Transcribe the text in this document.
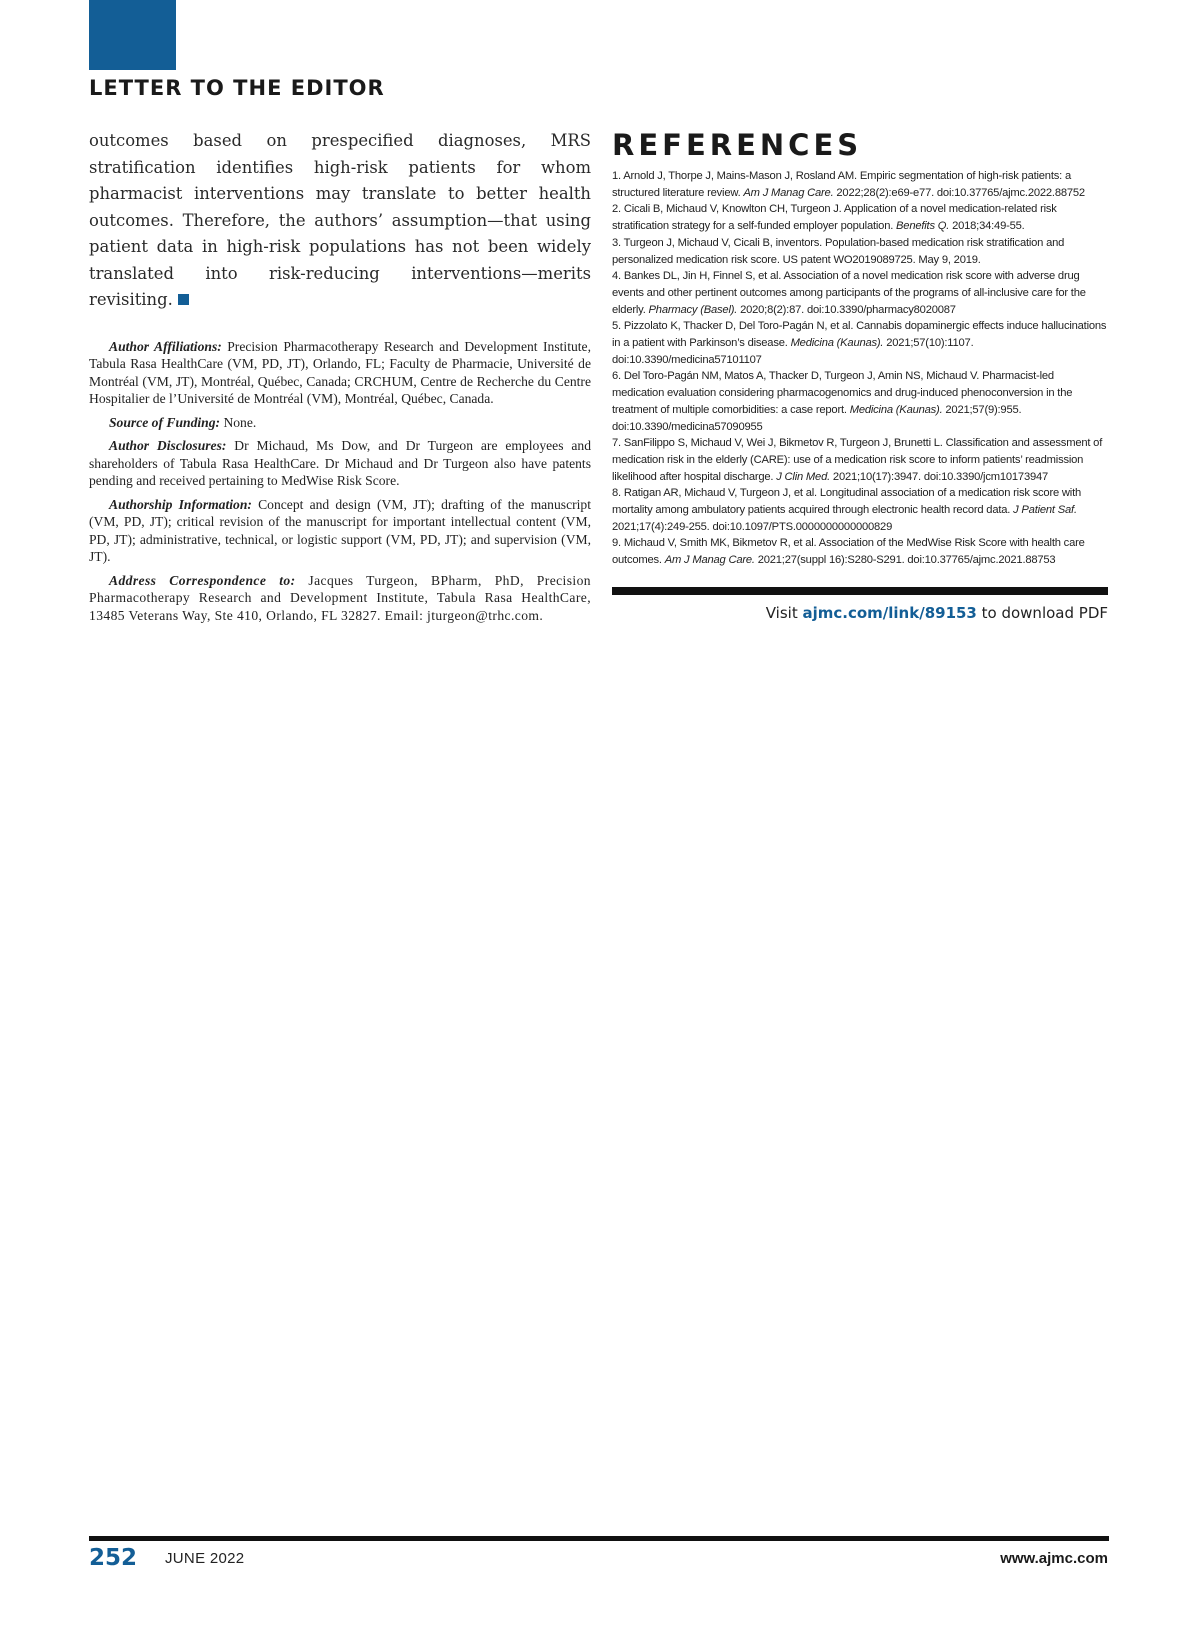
LETTER TO THE EDITOR

outcomes based on prespecified diagnoses, MRS stratification identifies high-risk patients for whom pharmacist interventions may translate to better health outcomes. Therefore, the authors’ assumption—that using patient data in high-risk populations has not been widely translated into risk-reducing interventions—merits revisiting.

Author Affiliations: Precision Pharmacotherapy Research and Development Institute, Tabula Rasa HealthCare (VM, PD, JT), Orlando, FL; Faculty de Pharmacie, Université de Montréal (VM, JT), Montréal, Québec, Canada; CRCHUM, Centre de Recherche du Centre Hospitalier de l’Université de Montréal (VM), Montréal, Québec, Canada.

Source of Funding: None.

Author Disclosures: Dr Michaud, Ms Dow, and Dr Turgeon are employees and shareholders of Tabula Rasa HealthCare. Dr Michaud and Dr Turgeon also have patents pending and received pertaining to MedWise Risk Score.

Authorship Information: Concept and design (VM, JT); drafting of the manuscript (VM, PD, JT); critical revision of the manuscript for important intellectual content (VM, PD, JT); administrative, technical, or logistic support (VM, PD, JT); and supervision (VM, JT).

Address Correspondence to: Jacques Turgeon, BPharm, PhD, Precision Pharmacotherapy Research and Development Institute, Tabula Rasa HealthCare, 13485 Veterans Way, Ste 410, Orlando, FL 32827. Email: jturgeon@trhc.com.

REFERENCES

1. Arnold J, Thorpe J, Mains-Mason J, Rosland AM. Empiric segmentation of high-risk patients: a structured literature review. Am J Manag Care. 2022;28(2):e69-e77. doi:10.37765/ajmc.2022.88752

2. Cicali B, Michaud V, Knowlton CH, Turgeon J. Application of a novel medication-related risk stratification strategy for a self-funded employer population. Benefits Q. 2018;34:49-55.

3. Turgeon J, Michaud V, Cicali B, inventors. Population-based medication risk stratification and personalized medication risk score. US patent WO2019089725. May 9, 2019.

4. Bankes DL, Jin H, Finnel S, et al. Association of a novel medication risk score with adverse drug events and other pertinent outcomes among participants of the programs of all-inclusive care for the elderly. Pharmacy (Basel). 2020;8(2):87. doi:10.3390/pharmacy8020087

5. Pizzolato K, Thacker D, Del Toro-Pagán N, et al. Cannabis dopaminergic effects induce hallucinations in a patient with Parkinson’s disease. Medicina (Kaunas). 2021;57(10):1107. doi:10.3390/medicina57101107

6. Del Toro-Pagán NM, Matos A, Thacker D, Turgeon J, Amin NS, Michaud V. Pharmacist-led medication evaluation considering pharmacogenomics and drug-induced phenoconversion in the treatment of multiple comorbidities: a case report. Medicina (Kaunas). 2021;57(9):955. doi:10.3390/medicina57090955

7. SanFilippo S, Michaud V, Wei J, Bikmetov R, Turgeon J, Brunetti L. Classification and assessment of medication risk in the elderly (CARE): use of a medication risk score to inform patients’ readmission likelihood after hospital discharge. J Clin Med. 2021;10(17):3947. doi:10.3390/jcm10173947

8. Ratigan AR, Michaud V, Turgeon J, et al. Longitudinal association of a medication risk score with mortality among ambulatory patients acquired through electronic health record data. J Patient Saf. 2021;17(4):249-255. doi:10.1097/PTS.0000000000000829

9. Michaud V, Smith MK, Bikmetov R, et al. Association of the MedWise Risk Score with health care outcomes. Am J Manag Care. 2021;27(suppl 16):S280-S291. doi:10.37765/ajmc.2021.88753

Visit ajmc.com/link/89153 to download PDF
252 JUNE 2022	www.ajmc.com
